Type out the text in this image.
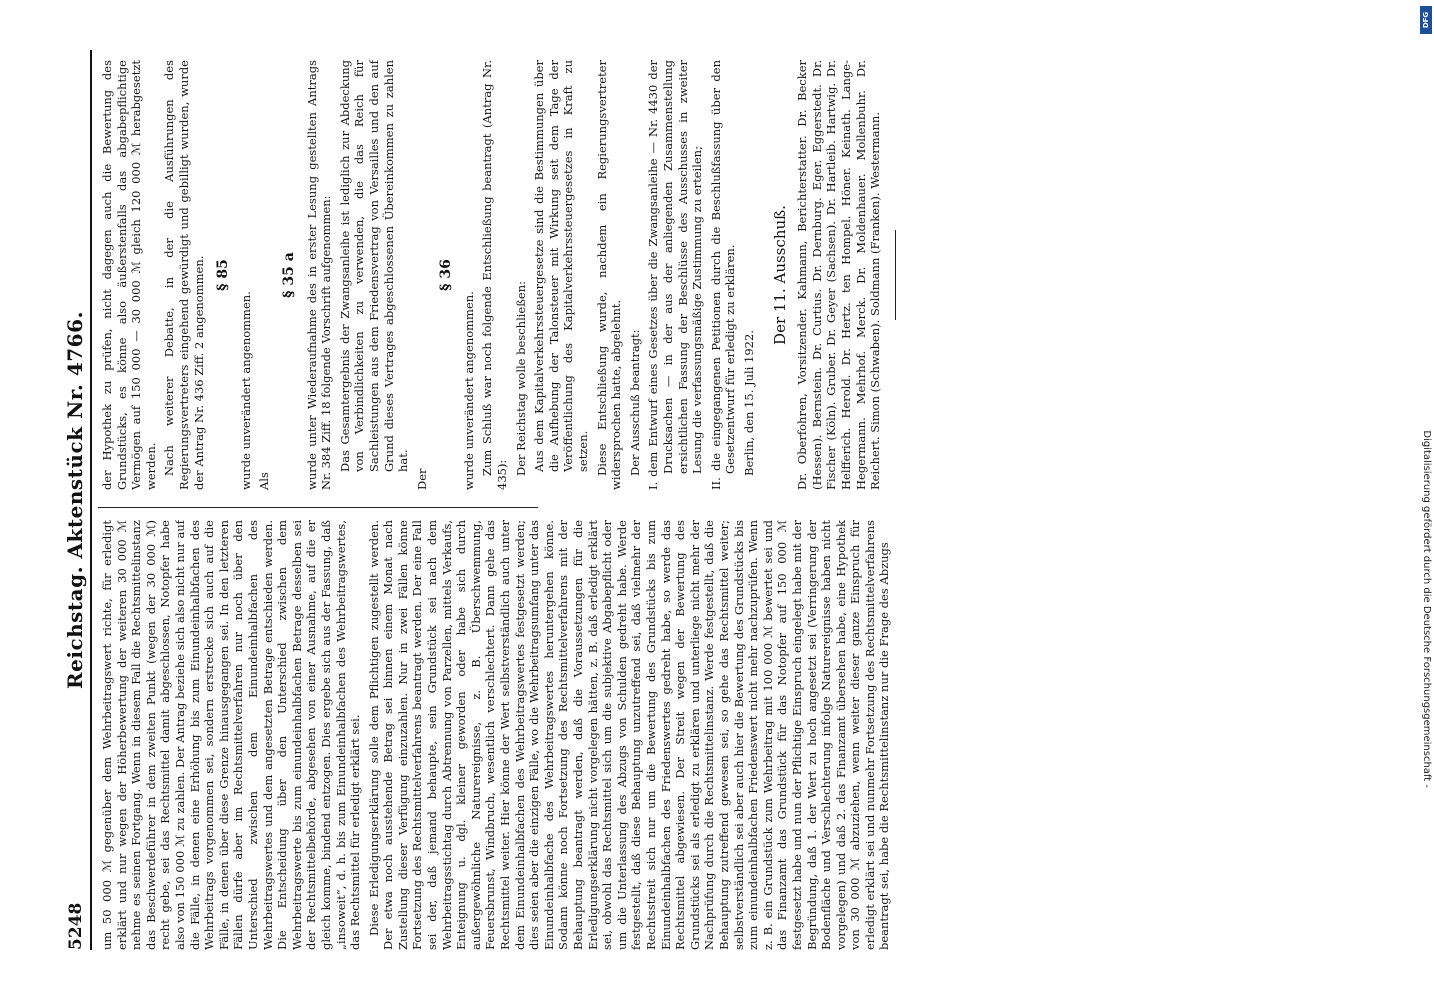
5248
Reichstag. Aktenstück Nr. 4766.

um 50 000 ℳ gegenüber dem Wehrbeitragswert richte, für erledigt erklärt und nur wegen der Höherbewertung der weiteren 30 000 ℳ nehme es seinen Fortgang. Wenn in diesem Fall die Rechtsmittelinstanz das Beschwerdeführer in dem zweiten Punkt (wegen der 30 000 ℳ) recht gebe, sei das Rechtsmittel damit abgeschlossen, Notopfer habe also von 150 000 ℳ zu zahlen. Der Antrag beziehe sich also nicht nur auf die Fälle, in denen eine Erhöhung bis zum Einundeinhalbfachen des Wehrbeitrags vorgenommen sei, sondern erstrecke sich auch auf die Fälle, in denen über diese Grenze hinausgegangen sei. In den letzteren Fällen dürfe aber im Rechtsmittelverfahren nur noch über den Unterschied zwischen dem Einundeinhalbfachen des Wehrbeitragswertes und dem angesetzten Betrage entschieden werden. Die Entscheidung über den Unterschied zwischen dem Wehrbeitragswerte bis zum einundeinhalbfachen Betrage desselben sei der Rechtsmittelbehörde, abgesehen von einer Ausnahme, auf die er gleich komme, bindend entzogen. Dies ergebe sich aus der Fassung, daß „insoweit“, d. h. bis zum Einundeinhalbfachen des Wehrbeitragswertes, das Rechtsmittel für erledigt erklärt sei. Diese Erledigungserklärung solle dem Pflichtigen zugestellt werden. Der etwa noch ausstehende Betrag sei binnen einem Monat nach Zustellung dieser Verfügung einzuzahlen. Nur in zwei Fällen könne Fortsetzung des Rechtsmittelverfahrens beantragt werden. Der eine Fall sei der, daß jemand behaupte, sein Grundstück sei nach dem Wehrbeitragsstichtag durch Abtrennung von Parzellen, mittels Verkaufs, Enteignung u. dgl. kleiner geworden oder habe sich durch außergewöhnliche Naturereignisse, z. B. Überschwemmung, Feuersbrunst, Windbruch, wesentlich verschlechtert. Dann gehe das Rechtsmittel weiter. Hier könne der Wert selbstverständlich auch unter dem Einundeinhalbfachen des Wehrbeitragswertes festgesetzt werden; dies seien aber die einzigen Fälle, wo die Wehrbeitragsumfang unter das Einundeinhalbfache des Wehrbeitragswertes heruntergehen könne. Sodann könne noch Fortsetzung des Rechtsmittelverfahrens mit der Behauptung beantragt werden, daß die Voraussetzungen für die Erledigungserklärung nicht vorgelegen hätten, z. B. daß erledigt erklärt sei, obwohl das Rechtsmittel sich um die subjektive Abgabepflicht oder um die Unterlassung des Abzugs von Schulden gedreht habe. Werde festgestellt, daß diese Behauptung unzutreffend sei, daß vielmehr der Rechtsstreit sich nur um die Bewertung des Grundstücks bis zum Einundeinhalbfachen des Friedenswertes gedreht habe, so werde das Rechtsmittel abgewiesen. Der Streit wegen der Bewertung des Grundstücks sei als erledigt zu erklären und unterliege nicht mehr der Nachprüfung durch die Rechtsmittelinstanz. Werde festgestellt, daß die Behauptung zutreffend gewesen sei, so gehe das Rechtsmittel weiter; selbstverständlich sei aber auch hier die Bewertung des Grundstücks bis zum einundeinhalbfachen Friedenswert nicht mehr nachzuprüfen. Wenn z. B. ein Grundstück zum Wehrbeitrag mit 100 000 ℳ bewertet sei und das Finanzamt das Grundstück für das Notopfer auf 150 000 ℳ festgesetzt habe und nun der Pflichtige Einspruch eingelegt habe mit der Begründung, daß 1. der Wert zu hoch angesetzt sei (Verringerung der Bodenfläche und Verschlechterung infolge Naturereignisse haben nicht vorgelegen) und daß 2. das Finanzamt übersehen habe, eine Hypothek von 30 000 ℳ abzuziehen, wenn weiter dieser ganze Einspruch für erledigt erklärt sei und nunmehr Fortsetzung des Rechtsmittelverfahrens beantragt sei, habe die Rechtsmittelinstanz nur die Frage des Abzugs

der Hypothek zu prüfen, nicht dagegen auch die Bewertung des Grundstücks, es könne also äußerstenfalls das abgabepflichtige Vermögen auf 150 000 — 30 000 ℳ gleich 120 000 ℳ herabgesetzt werden. Nach weiterer Debatte, in der die Ausführungen des Regierungsvertreters eingehend gewürdigt und gebilligt wurden, wurde der Antrag Nr. 436 Ziff. 2 angenommen. § 85

wurde unverändert angenommen. Als

§ 35 a wurde unter Wiederaufnahme des in erster Lesung gestellten Antrags Nr. 384 Ziff. 18 folgende Vorschrift aufgenommen: Das Gesamtergebnis der Zwangsanleihe ist lediglich zur Abdeckung von Verbindlichkeiten zu verwenden, die das Reich für Sachleistungen aus dem Friedensvertrag von Versailles und den auf Grund dieses Vertrages abgeschlossenen Übereinkommen zu zahlen hat.

Der

§ 36

wurde unverändert angenommen. Zum Schluß war noch folgende Entschließung beantragt (Antrag Nr. 435): Der Reichstag wolle beschließen: Aus dem Kapitalverkehrssteuergesetze sind die Bestimmungen über die Aufhebung der Talonsteuer mit Wirkung seit dem Tage der Veröffentlichung des Kapitalverkehrssteuergesetzes in Kraft zu setzen. Diese Entschließung wurde, nachdem ein Regierungsvertreter widersprochen hatte, abgelehnt. Der Ausschuß beantragt: I. dem Entwurf eines Gesetzes über die Zwangsanleihe — Nr. 4430 der Drucksachen — in der aus der anliegenden Zusammenstellung ersichtlichen Fassung der Beschlüsse des Ausschusses in zweiter Lesung die verfassungsmäßige Zustimmung zu erteilen; II. die eingegangenen Petitionen durch die Beschlußfassung über den Gesetzentwurf für erledigt zu erklären. Berlin, den 15. Juli 1922.

Der 11. Ausschuß. Dr. Oberfohren, Vorsitzender. Kahmann, Berichterstatter. Dr. Becker (Hessen). Bernstein. Dr. Curtius. Dr. Dernburg. Eger. Eggerstedt. Dr. Fischer (Köln). Gruber. Dr. Geyer (Sachsen). Dr. Hartleib. Hartwig. Dr. Helfferich. Herold. Dr. Hertz. ten Hompel. Höner. Keinath. Lange-Hegermann. Mehrhof. Merck. Dr. Moldenhauer. Mollenbuhr. Dr. Reichert. Simon (Schwaben). Soldmann (Franken). Westermann.

Digitalisierung gefördert durch die Deutsche Forschungsgemeinschaft -
DFG
